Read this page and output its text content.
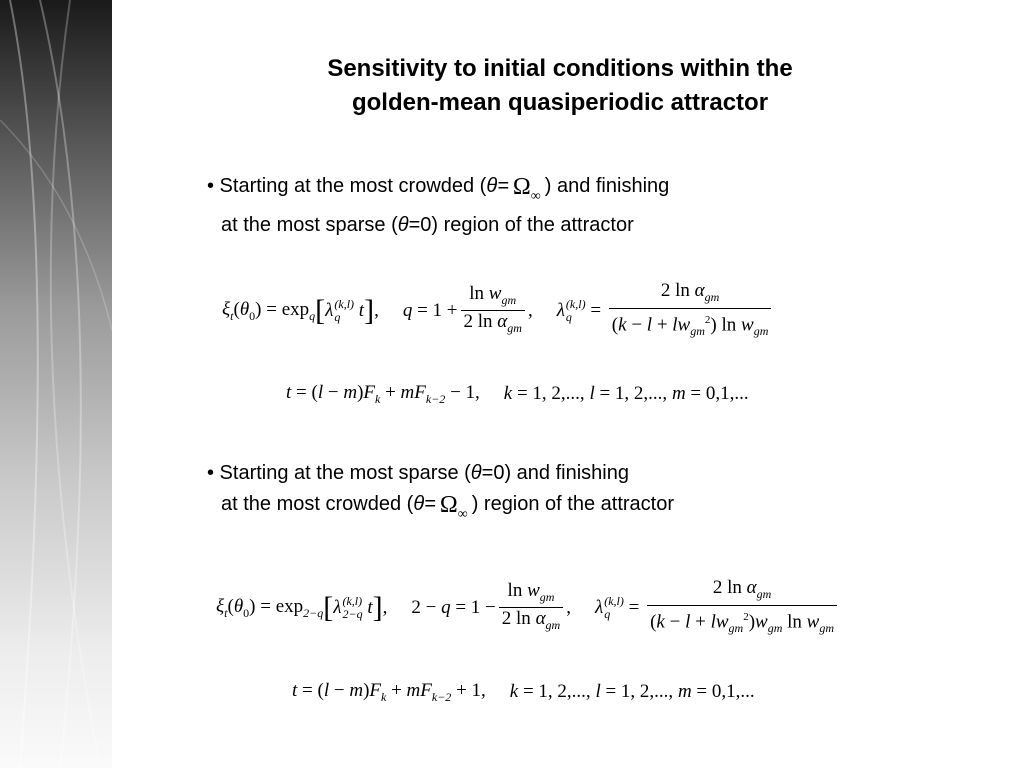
Sensitivity to initial conditions within the
golden-mean quasiperiodic attractor
• Starting at the most crowded ($\theta= \Omega_\infty$ ) and finishing
at the most sparse (θ=0) region of the attractor
$\xi_t(\theta_0) = \exp_q$ [ λ (k,l)
q t ] , $q = 1 + \frac{\ln w_{gm}}{2 \ln \alpha_{gm}}$ , λ (k,l)
$q = \frac{2 \ln \alpha_{gm}}{(k - l + lw_{gm}^2) \ln w_{gm}}$
$t = (l - m)F_k + mF_{k-2} - 1$, k = 1, 2,..., l = 1, 2,..., m = 0,1,...
• Starting at the most sparse (θ=0) and finishing
at the most crowded ($\theta= \Omega_\infty$ ) region of the attractor
$\xi_t(\theta_0) = \exp_{2-q}$ [ λ (k,l)
2−q t ] , $2 - q = 1 - \frac{\ln w_{gm}}{2 \ln \alpha_{gm}}$ , λ (k,l)
$q = \frac{2 \ln \alpha_{gm}}{(k - l + lw_{gm}^2)w_{gm} \ln w_{gm}}$
$t = (l - m)F_k + mF_{k-2} + 1$, k = 1, 2,..., l = 1, 2,..., m = 0,1,...
